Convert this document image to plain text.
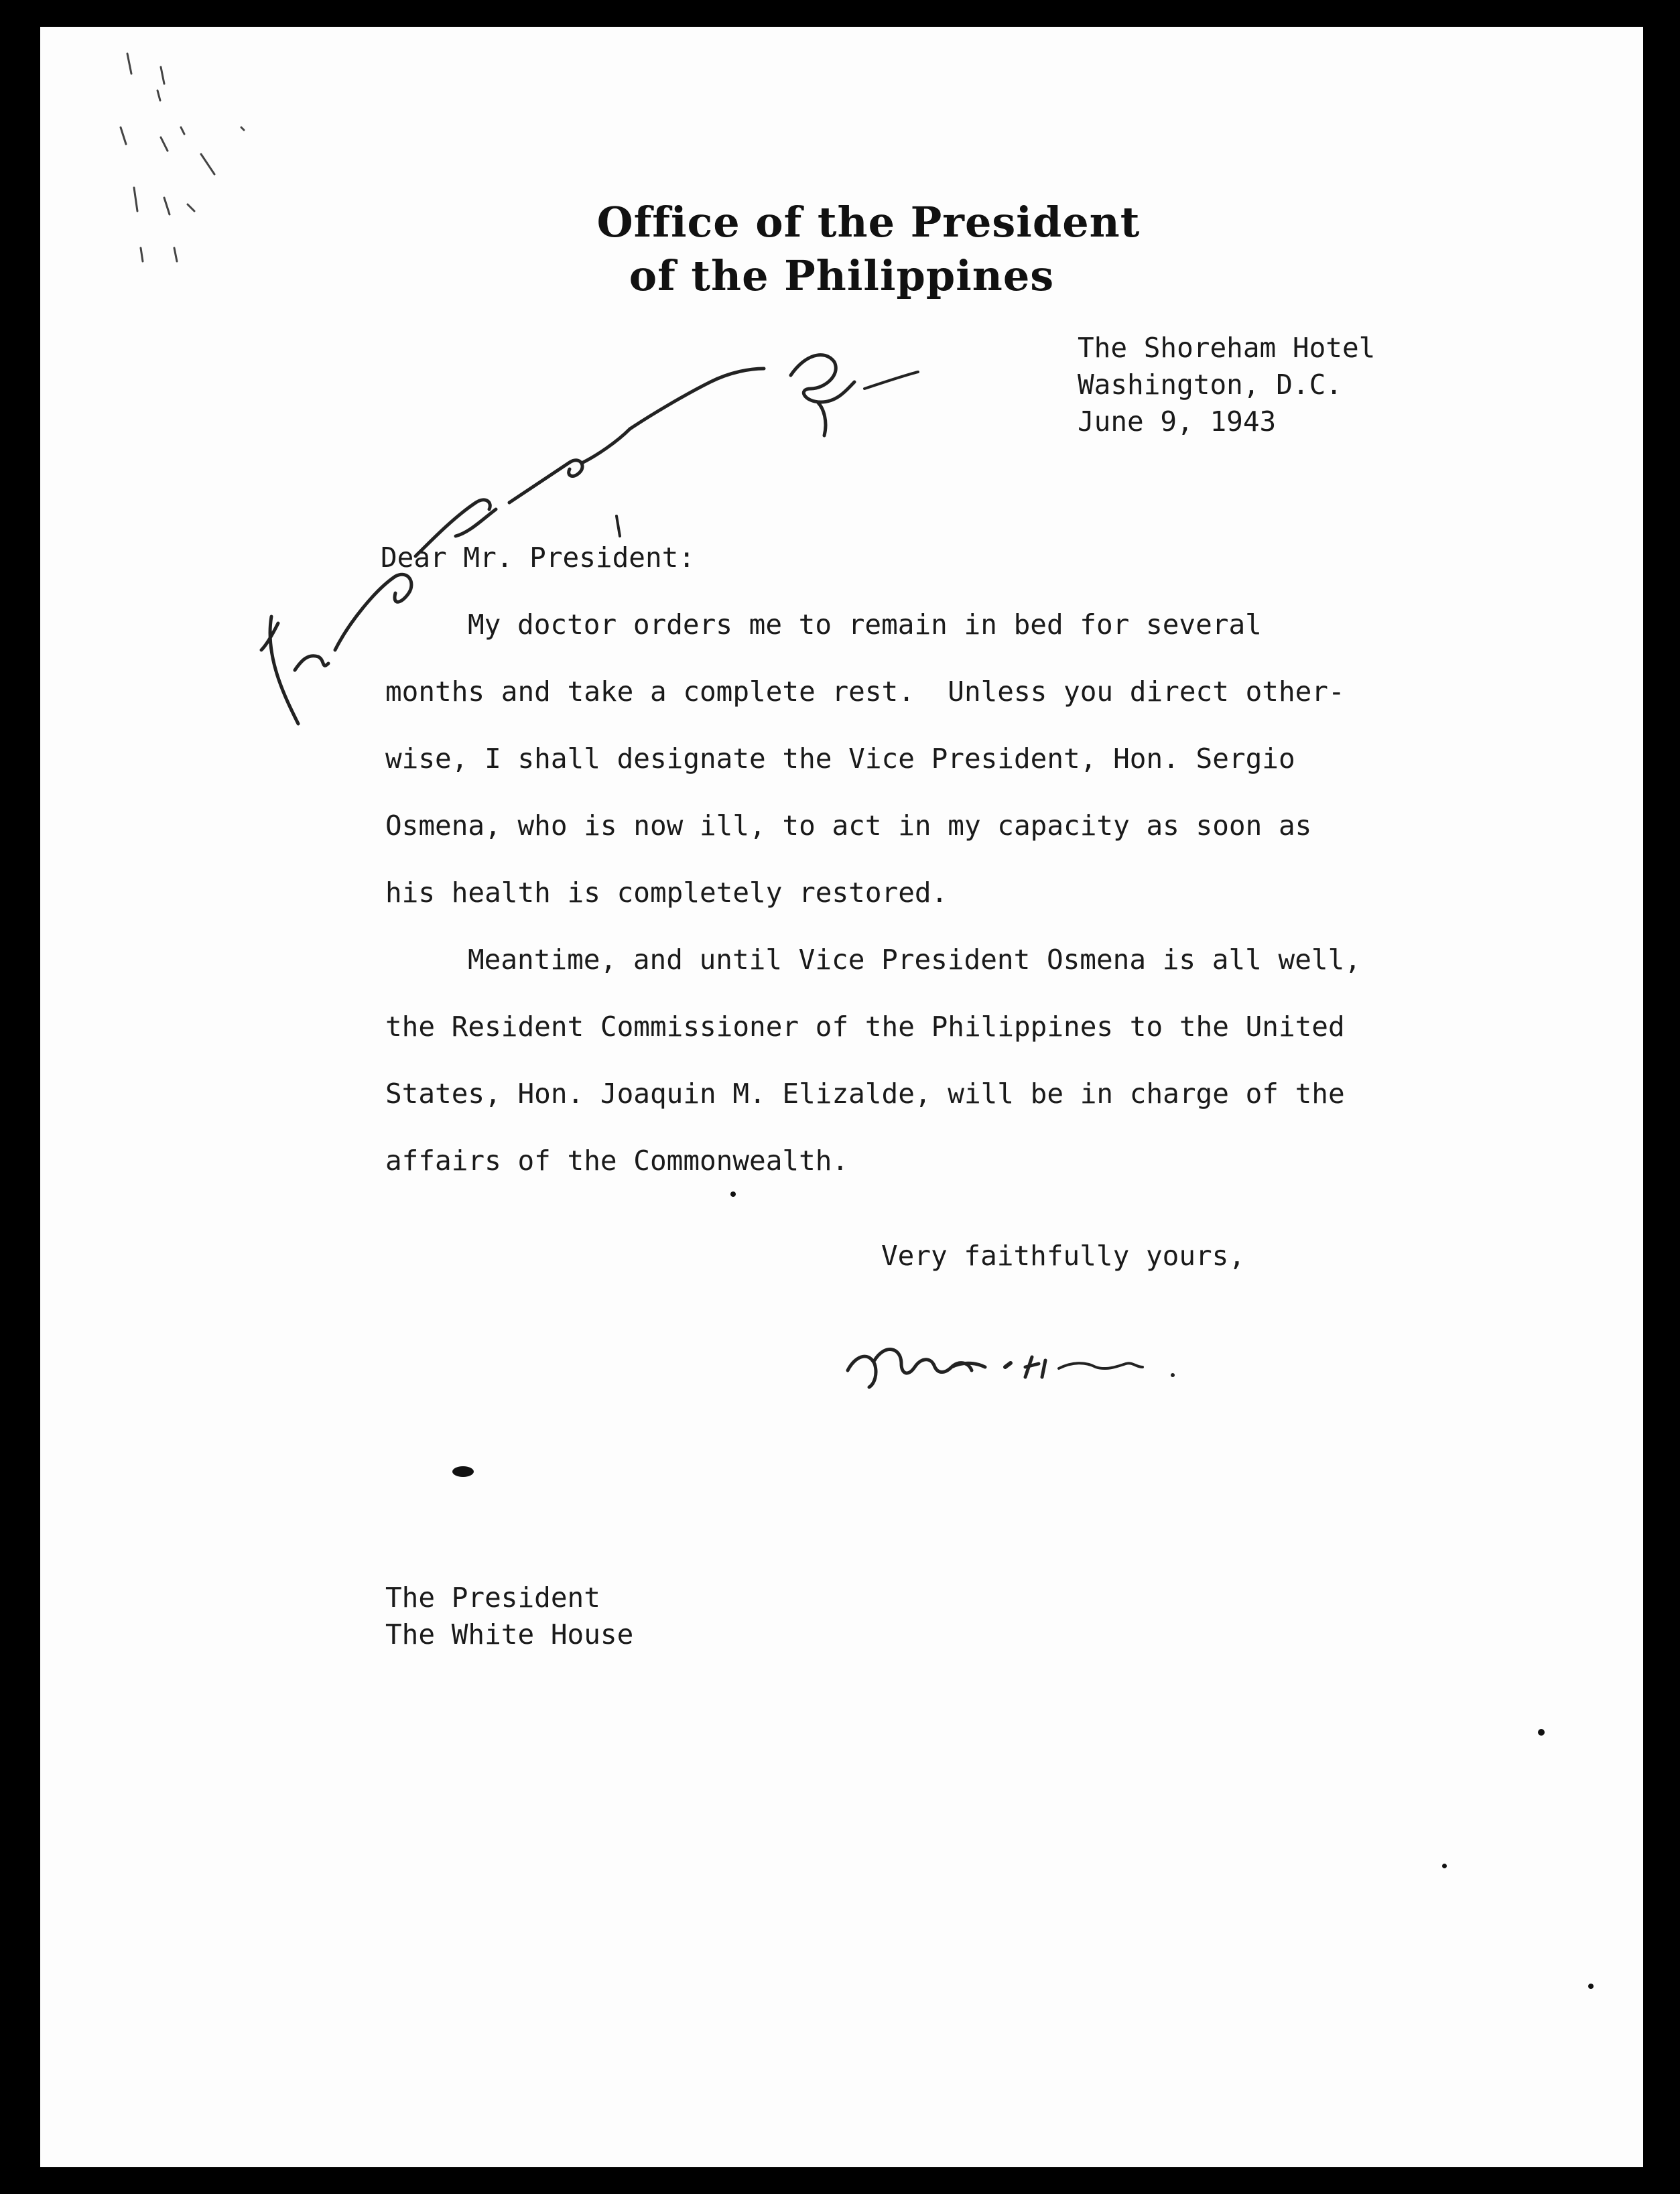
Office of the President
of the Philippines
The Shoreham Hotel
Washington, D.C.
June 9, 1943
Dear Mr. President:
My doctor orders me to remain in bed for several
months and take a complete rest.  Unless you direct other-
wise, I shall designate the Vice President, Hon. Sergio
Osmena, who is now ill, to act in my capacity as soon as
his health is completely restored.
Meantime, and until Vice President Osmena is all well,
the Resident Commissioner of the Philippines to the United
States, Hon. Joaquin M. Elizalde, will be in charge of the
affairs of the Commonwealth.
Very faithfully yours,
The President
The White House
